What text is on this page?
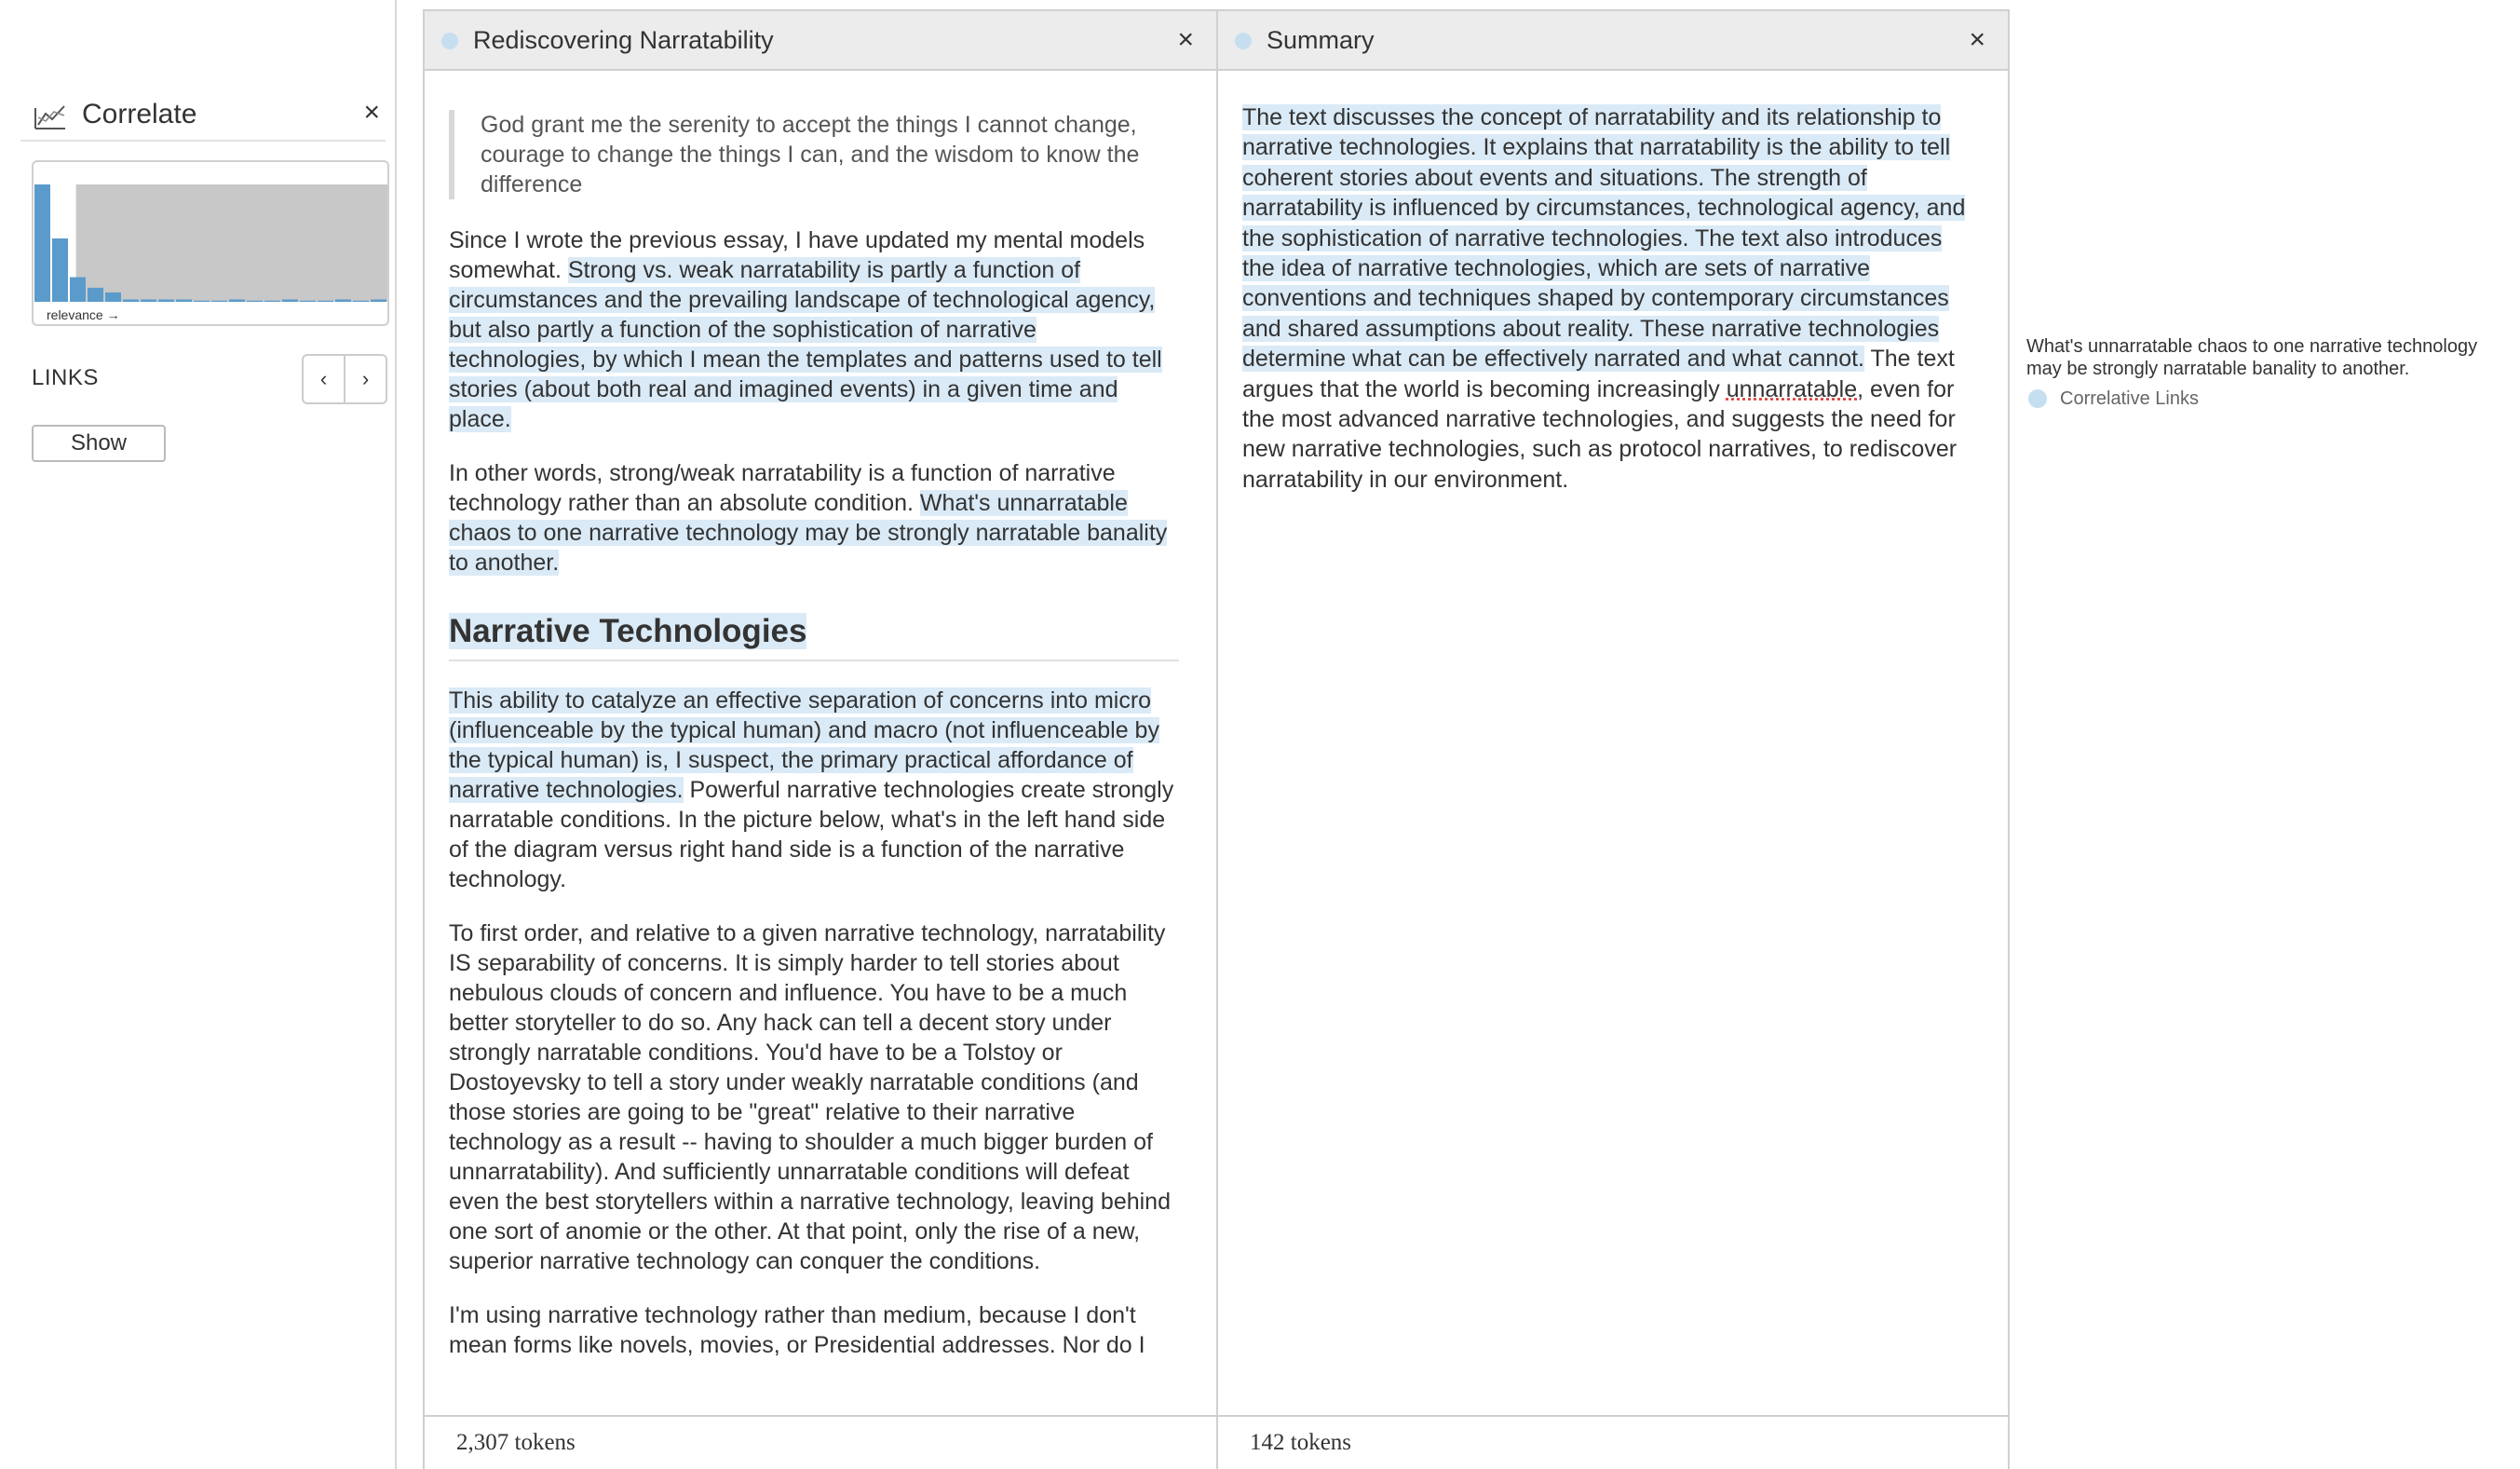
Correlate	×
relevance →
LINKS	‹	›
Show
Rediscovering Narratability	×
God grant me the serenity to accept the things I cannot change, courage to change the things I can, and the wisdom to know the difference

Since I wrote the previous essay, I have updated my mental models somewhat. Strong vs. weak narratability is partly a function of circumstances and the prevailing landscape of technological agency, but also partly a function of the sophistication of narrative technologies, by which I mean the templates and patterns used to tell stories (about both real and imagined events) in a given time and place.

In other words, strong/weak narratability is a function of narrative technology rather than an absolute condition. What's unnarratable chaos to one narrative technology may be strongly narratable banality to another.

Narrative Technologies

This ability to catalyze an effective separation of concerns into micro (influenceable by the typical human) and macro (not influenceable by the typical human) is, I suspect, the primary practical affordance of narrative technologies. Powerful narrative technologies create strongly narratable conditions. In the picture below, what's in the left hand side of the diagram versus right hand side is a function of the narrative technology.

To first order, and relative to a given narrative technology, narratability IS separability of concerns. It is simply harder to tell stories about nebulous clouds of concern and influence. You have to be a much better storyteller to do so. Any hack can tell a decent story under strongly narratable conditions. You'd have to be a Tolstoy or Dostoyevsky to tell a story under weakly narratable conditions (and those stories are going to be "great" relative to their narrative technology as a result -- having to shoulder a much bigger burden of unnarratability). And sufficiently unnarratable conditions will defeat even the best storytellers within a narrative technology, leaving behind one sort of anomie or the other. At that point, only the rise of a new, superior narrative technology can conquer the conditions.

I'm using narrative technology rather than medium, because I don't mean forms like novels, movies, or Presidential addresses. Nor do I

2,307 tokens
Summary	×
The text discusses the concept of narratability and its relationship to narrative technologies. It explains that narratability is the ability to tell coherent stories about events and situations. The strength of narratability is influenced by circumstances, technological agency, and the sophistication of narrative technologies. The text also introduces the idea of narrative technologies, which are sets of narrative conventions and techniques shaped by contemporary circumstances and shared assumptions about reality. These narrative technologies determine what can be effectively narrated and what cannot. The text argues that the world is becoming increasingly unnarratable, even for the most advanced narrative technologies, and suggests the need for new narrative technologies, such as protocol narratives, to rediscover narratability in our environment.
142 tokens
What's unnarratable chaos to one narrative technology may be strongly narratable banality to another.
Correlative Links
